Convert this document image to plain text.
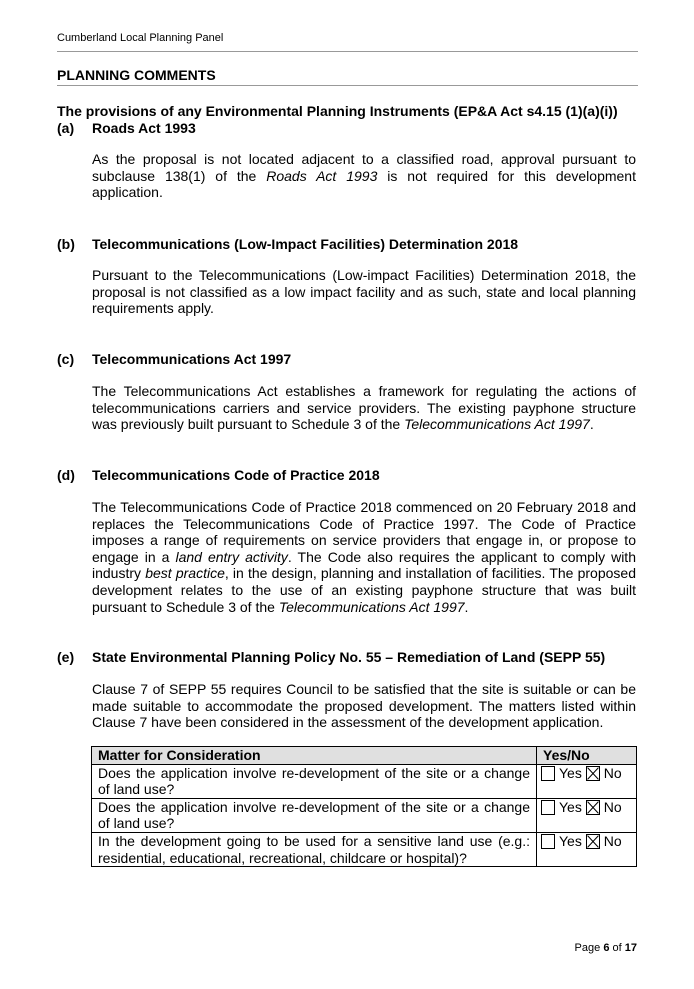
Cumberland Local Planning Panel
PLANNING COMMENTS
The provisions of any Environmental Planning Instruments (EP&A Act s4.15 (1)(a)(i))
(a) Roads Act 1993
As the proposal is not located adjacent to a classified road, approval pursuant to subclause 138(1) of the Roads Act 1993 is not required for this development application.
(b) Telecommunications (Low-Impact Facilities) Determination 2018
Pursuant to the Telecommunications (Low-impact Facilities) Determination 2018, the proposal is not classified as a low impact facility and as such, state and local planning requirements apply.
(c) Telecommunications Act 1997
The Telecommunications Act establishes a framework for regulating the actions of telecommunications carriers and service providers. The existing payphone structure was previously built pursuant to Schedule 3 of the Telecommunications Act 1997.
(d) Telecommunications Code of Practice 2018
The Telecommunications Code of Practice 2018 commenced on 20 February 2018 and replaces the Telecommunications Code of Practice 1997. The Code of Practice imposes a range of requirements on service providers that engage in, or propose to engage in a land entry activity. The Code also requires the applicant to comply with industry best practice, in the design, planning and installation of facilities. The proposed development relates to the use of an existing payphone structure that was built pursuant to Schedule 3 of the Telecommunications Act 1997.
(e) State Environmental Planning Policy No. 55 – Remediation of Land (SEPP 55)
Clause 7 of SEPP 55 requires Council to be satisfied that the site is suitable or can be made suitable to accommodate the proposed development. The matters listed within Clause 7 have been considered in the assessment of the development application.
Matter for Consideration	Yes/No
Does the application involve re-development of the site or a change of land use?	Yes No
Does the application involve re-development of the site or a change of land use?	Yes No
In the development going to be used for a sensitive land use (e.g.: residential, educational, recreational, childcare or hospital)?	Yes No
Page 6 of 17
